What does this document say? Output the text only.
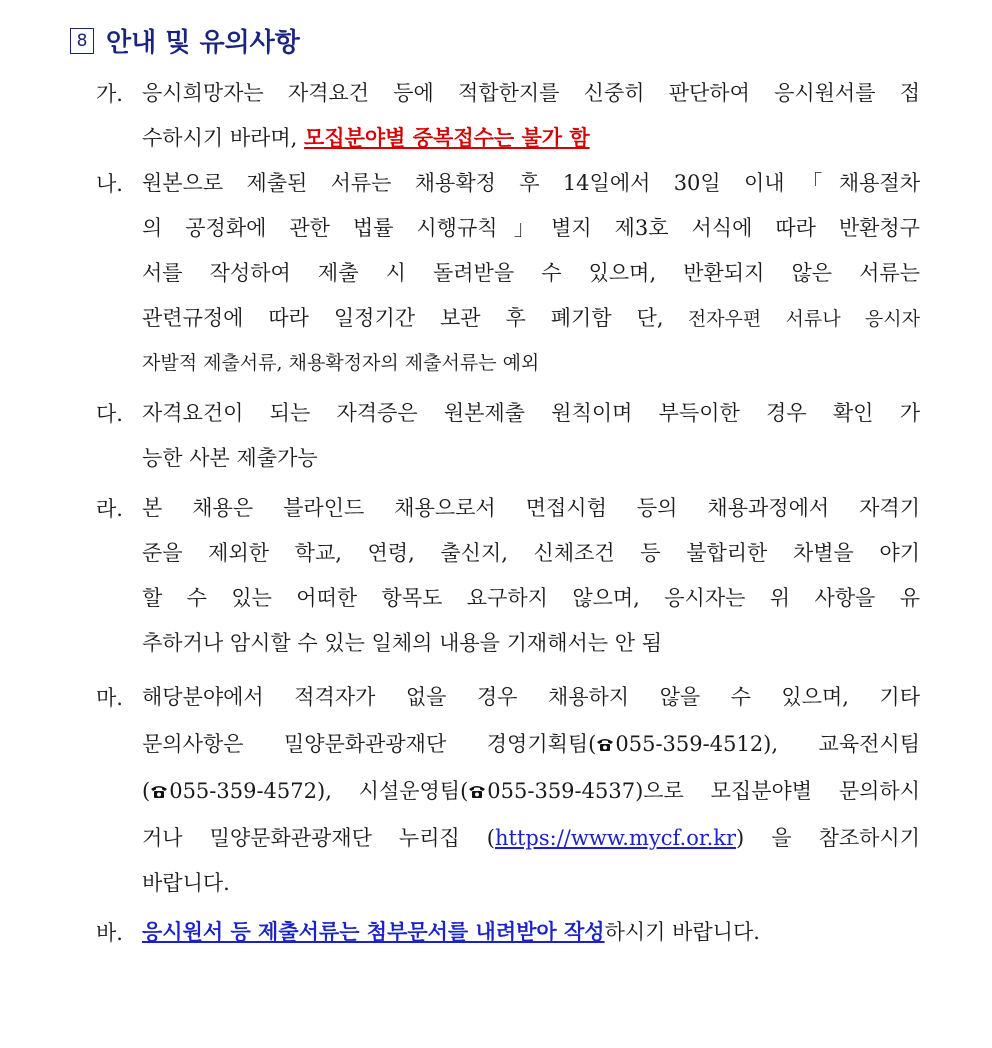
8 안내 및 유의사항
가. 응시희망자는 자격요건 등에 적합한지를 신중히 판단하여 응시원서를 접
수하시기 바라며, 모집분야별 중복접수는 불가 함
나. 원본으로 제출된 서류는 채용확정 후 14일에서 30일 이내「채용절차
의 공정화에 관한 법률 시행규칙」별지 제3호 서식에 따라 반환청구
서를 작성하여 제출 시 돌려받을 수 있으며, 반환되지 않은 서류는
관련규정에 따라 일정기간 보관 후 폐기함 단, 전자우편 서류나 응시자
자발적 제출서류, 채용확정자의 제출서류는 예외
다. 자격요건이 되는 자격증은 원본제출 원칙이며 부득이한 경우 확인 가
능한 사본 제출가능
라. 본 채용은 블라인드 채용으로서 면접시험 등의 채용과정에서 자격기
준을 제외한 학교, 연령, 출신지, 신체조건 등 불합리한 차별을 야기
할 수 있는 어떠한 항목도 요구하지 않으며, 응시자는 위 사항을 유
추하거나 암시할 수 있는 일체의 내용을 기재해서는 안 됨
마. 해당분야에서 적격자가 없을 경우 채용하지 않을 수 있으며, 기타
문의사항은 밀양문화관광재단 경영기획팀( 055-359-4512), 교육전시팀
( 055-359-4572), 시설운영팀( 055-359-4537)으로 모집분야별 문의하시
거나 밀양문화관광재단 누리집 (https://www.mycf.or.kr) 을 참조하시기
바랍니다.
바. 응시원서 등 제출서류는 첨부문서를 내려받아 작성하시기 바랍니다.
